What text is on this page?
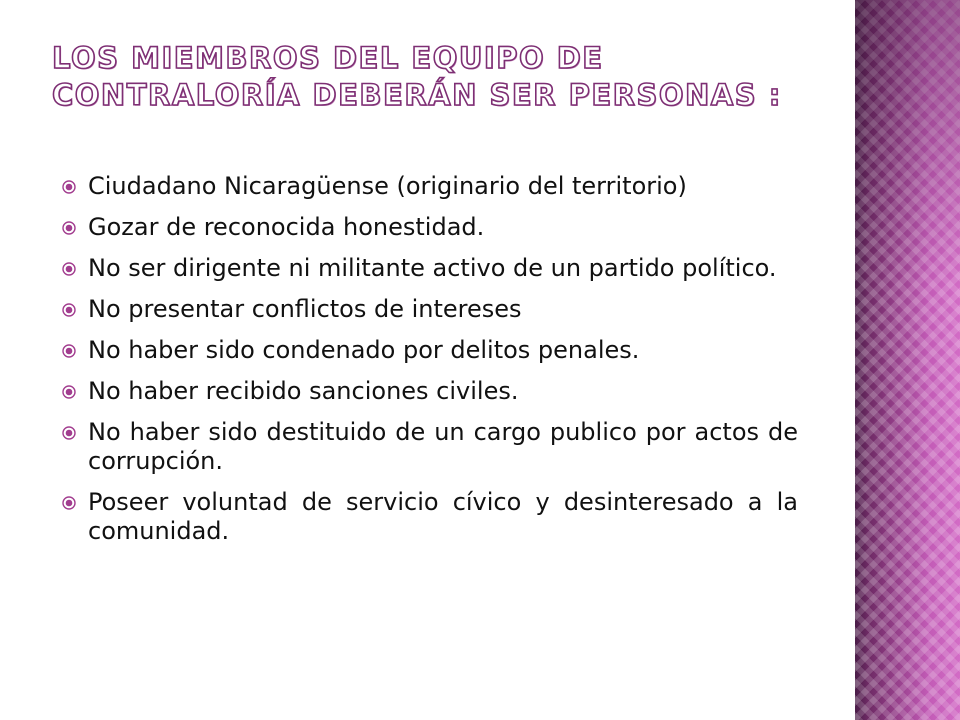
LOS MIEMBROS DEL EQUIPO DE CONTRALORÍA DEBERÁN SER PERSONAS :
Ciudadano Nicaragüense (originario del territorio)
Gozar de reconocida honestidad.
No ser dirigente ni militante activo de un partido político.
No presentar conflictos de intereses
No haber sido condenado por delitos penales.
No haber recibido sanciones civiles.
No haber sido destituido de un cargo publico por actos de corrupción.
Poseer voluntad de servicio cívico y desinteresado a la comunidad.
